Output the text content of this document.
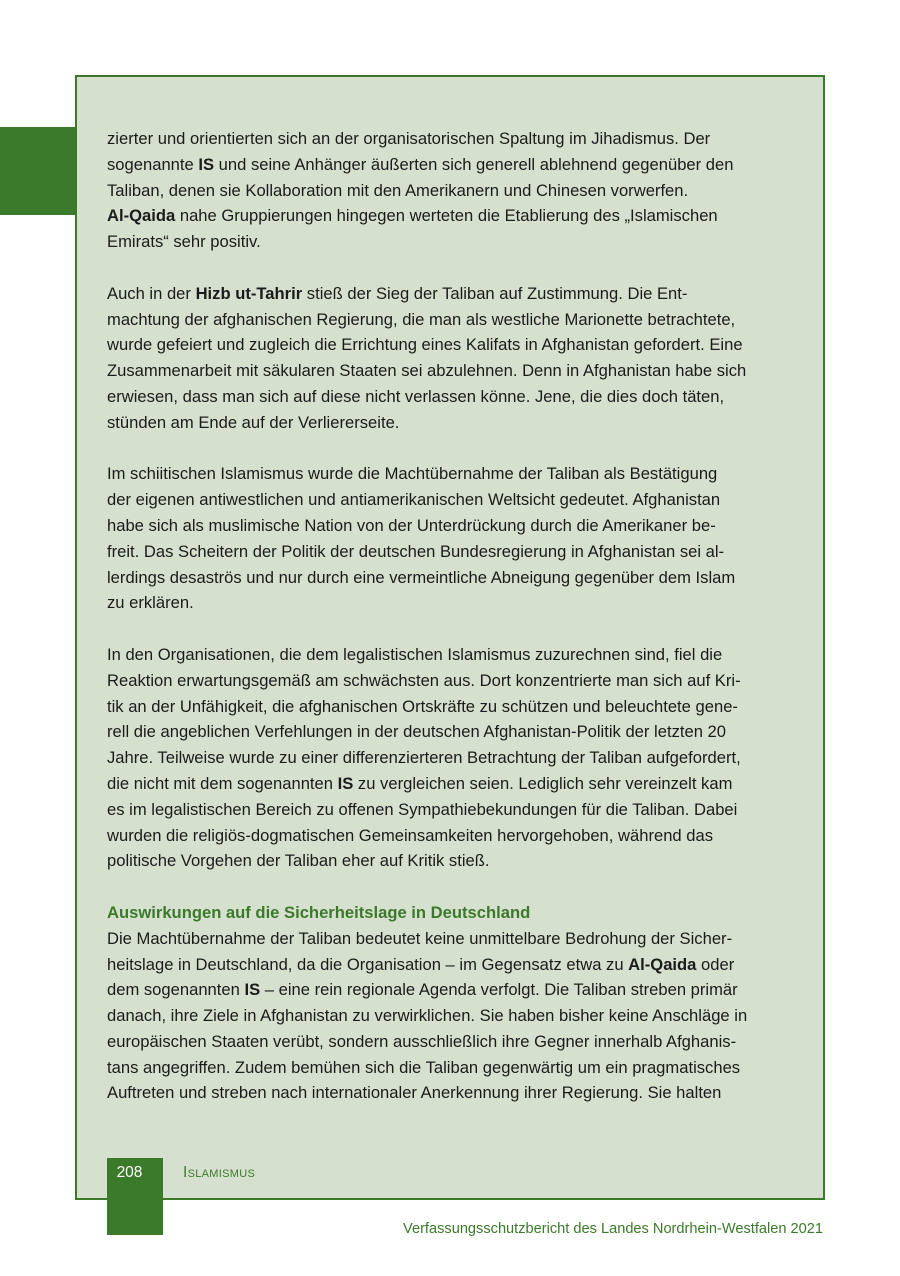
zierter und orientierten sich an der organisatorischen Spaltung im Jihadismus. Der
sogenannte IS und seine Anhänger äußerten sich generell ablehnend gegenüber den
Taliban, denen sie Kollaboration mit den Amerikanern und Chinesen vorwerfen.
Al-Qaida nahe Gruppierungen hingegen werteten die Etablierung des „Islamischen
Emirats“ sehr positiv.

Auch in der Hizb ut-Tahrir stieß der Sieg der Taliban auf Zustimmung. Die Ent-
machtung der afghanischen Regierung, die man als westliche Marionette betrachtete,
wurde gefeiert und zugleich die Errichtung eines Kalifats in Afghanistan gefordert. Eine
Zusammenarbeit mit säkularen Staaten sei abzulehnen. Denn in Afghanistan habe sich
erwiesen, dass man sich auf diese nicht verlassen könne. Jene, die dies doch täten,
stünden am Ende auf der Verliererseite.

Im schiitischen Islamismus wurde die Machtübernahme der Taliban als Bestätigung
der eigenen antiwestlichen und antiamerikanischen Weltsicht gedeutet. Afghanistan
habe sich als muslimische Nation von der Unterdrückung durch die Amerikaner be-
freit. Das Scheitern der Politik der deutschen Bundesregierung in Afghanistan sei al-
lerdings desaströs und nur durch eine vermeintliche Abneigung gegenüber dem Islam
zu erklären.

In den Organisationen, die dem legalistischen Islamismus zuzurechnen sind, fiel die
Reaktion erwartungsgemäß am schwächsten aus. Dort konzentrierte man sich auf Kri-
tik an der Unfähigkeit, die afghanischen Ortskräfte zu schützen und beleuchtete gene-
rell die angeblichen Verfehlungen in der deutschen Afghanistan-Politik der letzten 20
Jahre. Teilweise wurde zu einer differenzierteren Betrachtung der Taliban aufgefordert,
die nicht mit dem sogenannten IS zu vergleichen seien. Lediglich sehr vereinzelt kam
es im legalistischen Bereich zu offenen Sympathiebekundungen für die Taliban. Dabei
wurden die religiös-dogmatischen Gemeinsamkeiten hervorgehoben, während das
politische Vorgehen der Taliban eher auf Kritik stieß.

Auswirkungen auf die Sicherheitslage in Deutschland
Die Machtübernahme der Taliban bedeutet keine unmittelbare Bedrohung der Sicher-
heitslage in Deutschland, da die Organisation – im Gegensatz etwa zu Al-Qaida oder
dem sogenannten IS – eine rein regionale Agenda verfolgt. Die Taliban streben primär
danach, ihre Ziele in Afghanistan zu verwirklichen. Sie haben bisher keine Anschläge in
europäischen Staaten verübt, sondern ausschließlich ihre Gegner innerhalb Afghanis-
tans angegriffen. Zudem bemühen sich die Taliban gegenwärtig um ein pragmatisches
Auftreten und streben nach internationaler Anerkennung ihrer Regierung. Sie halten

208	Islamismus
Verfassungsschutzbericht des Landes Nordrhein-Westfalen 2021
